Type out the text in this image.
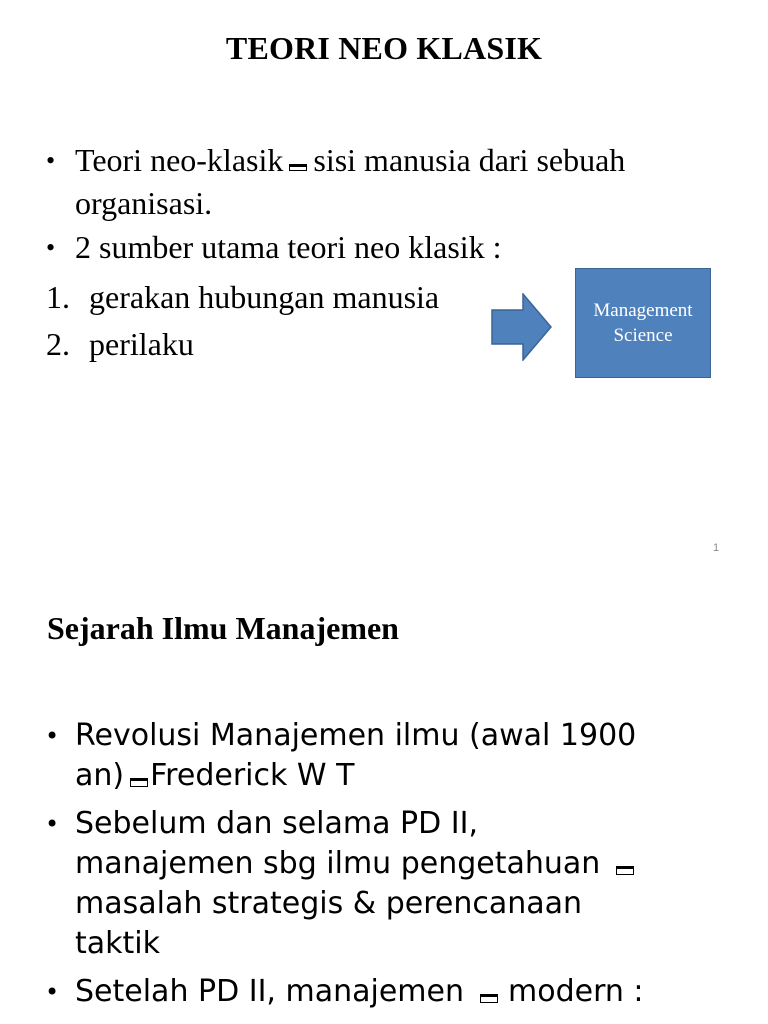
TEORI NEO KLASIK
• Teori neo-klasik sisi manusia dari sebuah
organisasi.
• 2 sumber utama teori neo klasik :
1. gerakan hubungan manusia
2. perilaku
Management
Science
1
Sejarah Ilmu Manajemen
• Revolusi Manajemen ilmu (awal 1900
an) Frederick W T
• Sebelum dan selama PD II,
manajemen sbg ilmu pengetahuan
masalah strategis & perencanaan
taktik
• Setelah PD II, manajemen modern :
